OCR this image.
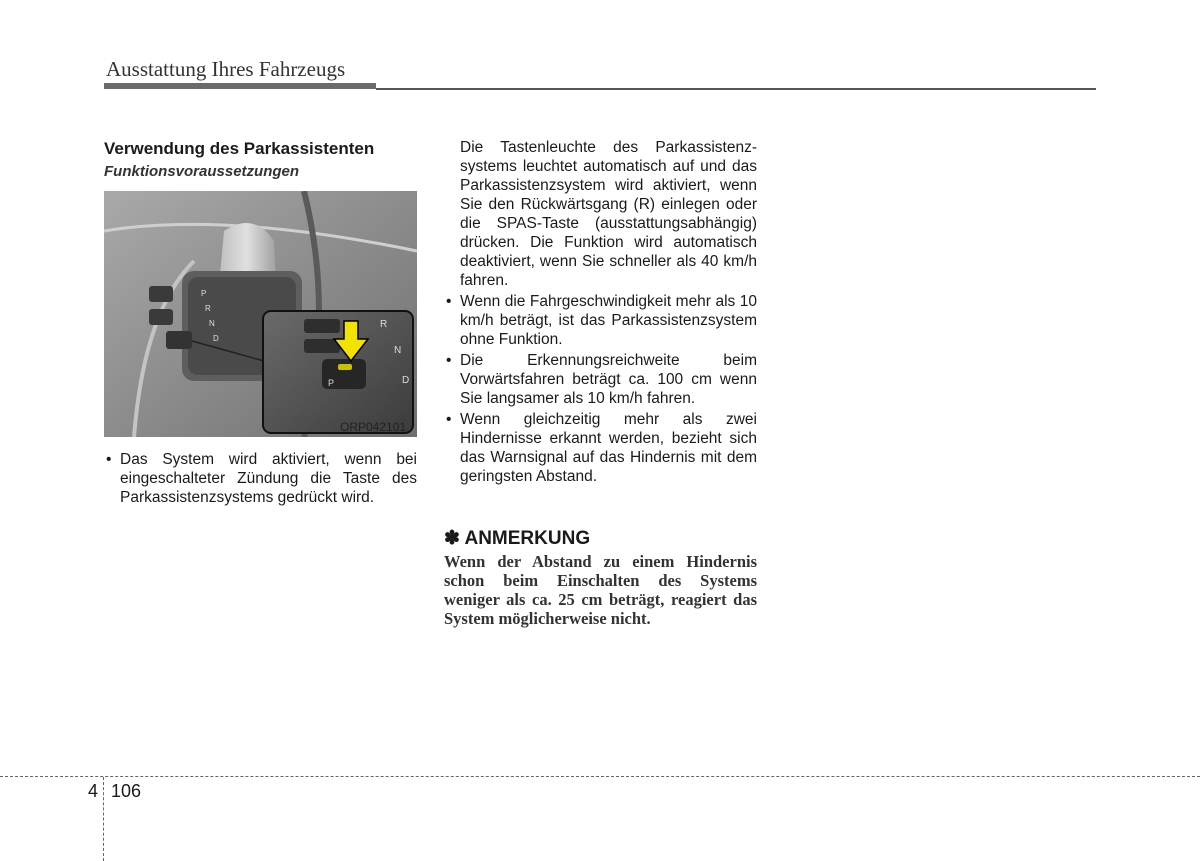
Ausstattung Ihres Fahrzeugs

Verwendung des Parkassistenten

Funktionsvoraussetzungen

P
R
N
D
P
R
N
D
ORP042101
• Das System wird aktiviert, wenn bei eingeschalteter Zündung die Taste des Parkassistenzsystems gedrückt wird.

Die Tastenleuchte des Parkassistenz-systems leuchtet automatisch auf und das Parkassistenzsystem wird aktiviert, wenn Sie den Rückwärtsgang (R) einlegen oder die SPAS-Taste (ausstattungsabhängig) drücken. Die Funktion wird automatisch deaktiviert, wenn Sie schneller als 40 km/h fahren.

• Wenn die Fahrgeschwindigkeit mehr als 10 km/h beträgt, ist das Parkassistenzsystem ohne Funktion.
• Die Erkennungsreichweite beim Vorwärtsfahren beträgt ca. 100 cm wenn Sie langsamer als 10 km/h fahren.
• Wenn gleichzeitig mehr als zwei Hindernisse erkannt werden, bezieht sich das Warnsignal auf das Hindernis mit dem geringsten Abstand.
✽ ANMERKUNG
Wenn der Abstand zu einem Hindernis schon beim Einschalten des Systems weniger als ca. 25 cm beträgt, reagiert das System möglicherweise nicht.
4 106
